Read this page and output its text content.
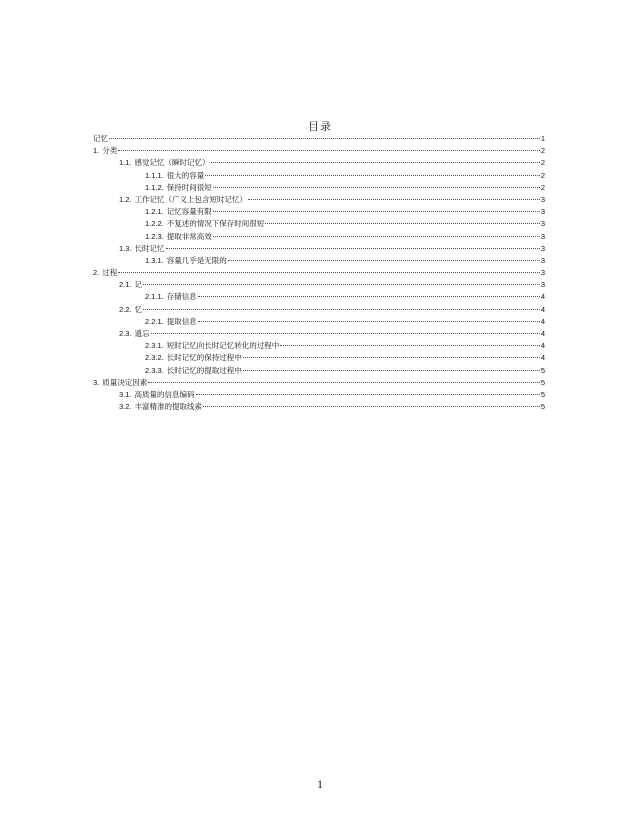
目录
记忆	1
1. 分类	2
1.1. 感觉记忆（瞬时记忆）	2
1.1.1. 很大的容量	2
1.1.2. 保持时间很短	2
1.2. 工作记忆（广义上包含短时记忆）	3
1.2.1. 记忆容量有限	3
1.2.2. 不复述的情况下保存时间很短	3
1.2.3. 提取非常高效	3
1.3. 长时记忆	3
1.3.1. 容量几乎是无限的	3
2. 过程	3
2.1. 记	3
2.1.1. 存储信息	4
2.2. 忆	4
2.2.1. 提取信息	4
2.3. 遗忘	4
2.3.1. 短时记忆向长时记忆转化的过程中	4
2.3.2. 长时记忆的保持过程中	4
2.3.3. 长时记忆的提取过程中	5
3. 质量决定因素	5
3.1. 高质量的信息编码	5
3.2. 丰富精准的提取线索	5
1
